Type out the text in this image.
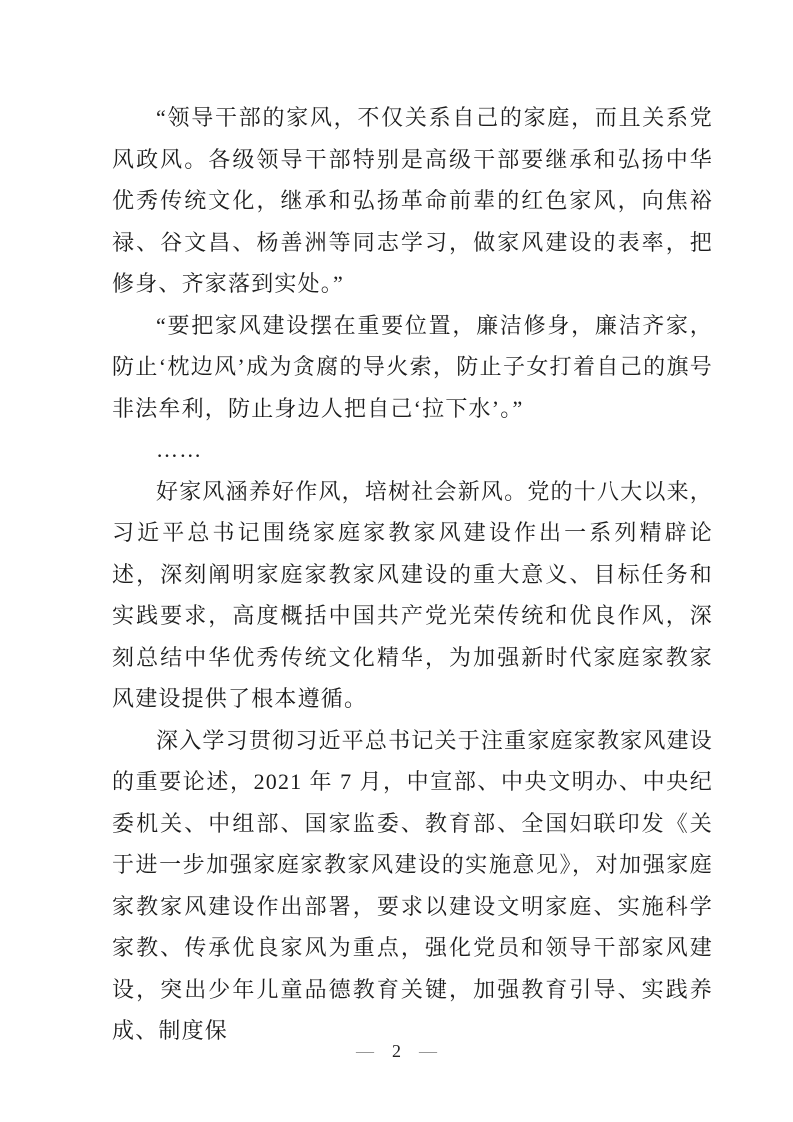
“领导干部的家风，不仅关系自己的家庭，而且关系党风政风。各级领导干部特别是高级干部要继承和弘扬中华优秀传统文化，继承和弘扬革命前辈的红色家风，向焦裕禄、谷文昌、杨善洲等同志学习，做家风建设的表率，把修身、齐家落到实处。”

“要把家风建设摆在重要位置，廉洁修身，廉洁齐家，防止‘枕边风’成为贪腐的导火索，防止子女打着自己的旗号非法牟利，防止身边人把自己‘拉下水’。”

……

好家风涵养好作风，培树社会新风。党的十八大以来，习近平总书记围绕家庭家教家风建设作出一系列精辟论述，深刻阐明家庭家教家风建设的重大意义、目标任务和实践要求，高度概括中国共产党光荣传统和优良作风，深刻总结中华优秀传统文化精华，为加强新时代家庭家教家风建设提供了根本遵循。

深入学习贯彻习近平总书记关于注重家庭家教家风建设的重要论述，2021 年 7 月，中宣部、中央文明办、中央纪委机关、中组部、国家监委、教育部、全国妇联印发《关于进一步加强家庭家教家风建设的实施意见》，对加强家庭家教家风建设作出部署，要求以建设文明家庭、实施科学家教、传承优良家风为重点，强化党员和领导干部家风建设，突出少年儿童品德教育关键，加强教育引导、实践养成、制度保

— 2 —
